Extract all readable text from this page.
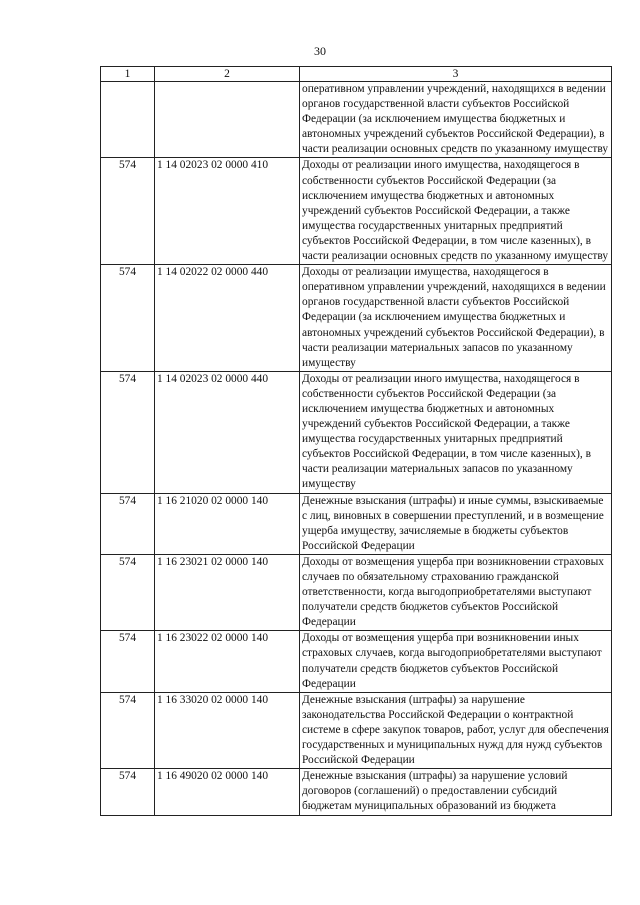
30
1	2	3
		оперативном управлении учреждений, находящихся в ведении органов государственной власти субъектов Российской Федерации (за исключением имущества бюджетных и автономных учреждений субъектов Российской Федерации), в части реализации основных средств по указанному имуществу
574	1 14 02023 02 0000 410	Доходы от реализации иного имущества, находящегося в собственности субъектов Российской Федерации (за исключением имущества бюджетных и автономных учреждений субъектов Российской Федерации, а также имущества государственных унитарных предприятий субъектов Российской Федерации, в том числе казенных), в части реализации основных средств по указанному имуществу
574	1 14 02022 02 0000 440	Доходы от реализации имущества, находящегося в оперативном управлении учреждений, находящихся в ведении органов государственной власти субъектов Российской Федерации (за исключением имущества бюджетных и автономных учреждений субъектов Российской Федерации), в части реализации материальных запасов по указанному имуществу
574	1 14 02023 02 0000 440	Доходы от реализации иного имущества, находящегося в собственности субъектов Российской Федерации (за исключением имущества бюджетных и автономных учреждений субъектов Российской Федерации, а также имущества государственных унитарных предприятий субъектов Российской Федерации, в том числе казенных), в части реализации материальных запасов по указанному имуществу
574	1 16 21020 02 0000 140	Денежные взыскания (штрафы) и иные суммы, взыскиваемые с лиц, виновных в совершении преступлений, и в возмещение ущерба имуществу, зачисляемые в бюджеты субъектов Российской Федерации
574	1 16 23021 02 0000 140	Доходы от возмещения ущерба при возникновении страховых случаев по обязательному страхованию гражданской ответственности, когда выгодоприобретателями выступают получатели средств бюджетов субъектов Российской Федерации
574	1 16 23022 02 0000 140	Доходы от возмещения ущерба при возникновении иных страховых случаев, когда выгодоприобретателями выступают получатели средств бюджетов субъектов Российской Федерации
574	1 16 33020 02 0000 140	Денежные взыскания (штрафы) за нарушение законодательства Российской Федерации о контрактной системе в сфере закупок товаров, работ, услуг для обеспечения государственных и муниципальных нужд для нужд субъектов Российской Федерации
574	1 16 49020 02 0000 140	Денежные взыскания (штрафы) за нарушение условий договоров (соглашений) о предоставлении субсидий бюджетам муниципальных образований из бюджета
